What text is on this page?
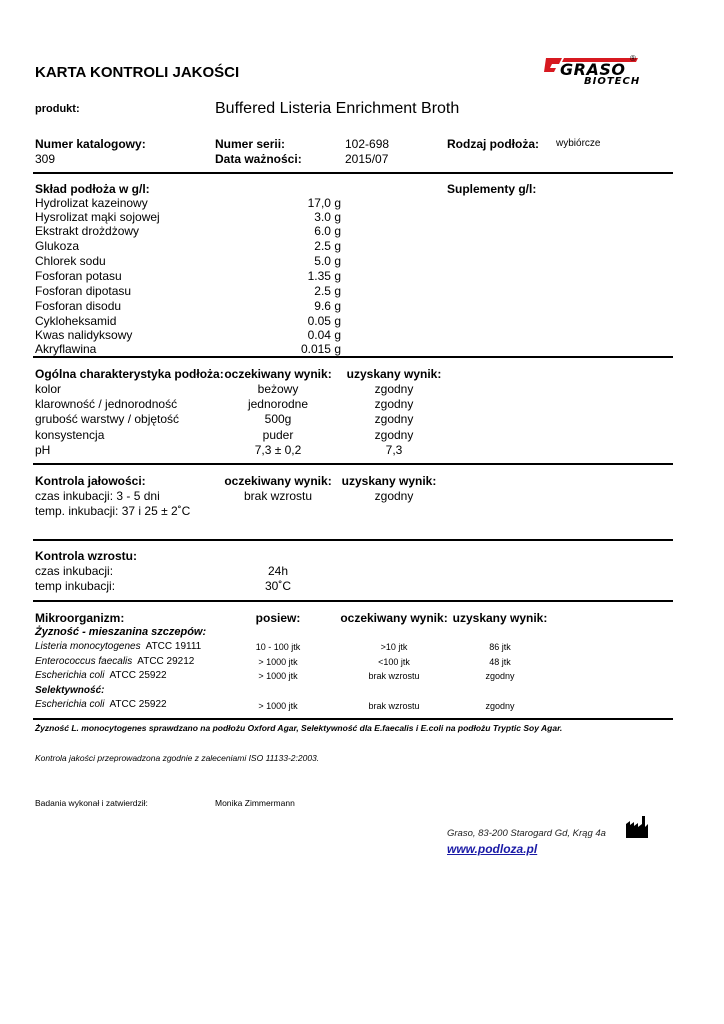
KARTA KONTROLI JAKOŚCI	GRASO
®
BIOTECH
produkt:	Buffered Listeria Enrichment Broth
Numer katalogowy:
309
Numer serii:
Data ważności:
102-698
2015/07
Rodzaj podłoża: wybiórcze
Skład podłoża w g/l:	Suplementy g/l:
Hydrolizat kazeinowy	17,0 g
Hysrolizat mąki sojowej	3.0 g
Ekstrakt drożdżowy	6.0 g
Glukoza	2.5 g
Chlorek sodu	5.0 g
Fosforan potasu	1.35 g
Fosforan dipotasu	2.5 g
Fosforan disodu	9.6 g
Cykloheksamid	0.05 g
Kwas nalidyksowy	0.04 g
Akryflawina	0.015 g
Ogólna charakterystyka podłoża: oczekiwany wynik: uzyskany wynik:
kolor	beżowy	zgodny
klarowność / jednorodność	jednorodne	zgodny
grubość warstwy / objętość	500g	zgodny
konsystencja	puder	zgodny
pH	7,3 ± 0,2	7,3
Kontrola jałowości:	oczekiwany wynik: uzyskany wynik:
czas inkubacji: 3 - 5 dni	brak wzrostu	zgodny
temp. inkubacji: 37 i 25 ± 2˚C
Kontrola wzrostu:
czas inkubacji:	24h
temp inkubacji:	30˚C
Mikroorganizm:	posiew:	oczekiwany wynik: uzyskany wynik:
Żyzność - mieszanina szczepów:
Listeria monocytogenes ATCC 19111	10 - 100 jtk	>10 jtk	86 jtk
Enterococcus faecalis ATCC 29212	> 1000 jtk	<100 jtk	48 jtk
Escherichia coli ATCC 25922	> 1000 jtk	brak wzrostu	zgodny
Selektywność:
Escherichia coli ATCC 25922	> 1000 jtk	brak wzrostu	zgodny
Żyzność L. monocytogenes sprawdzano na podłożu Oxford Agar, Selektywność dla E.faecalis i E.coli na podłożu Tryptic Soy Agar.
Kontrola jakości przeprowadzona zgodnie z zaleceniami ISO 11133-2:2003.
Badania wykonał i zatwierdził:	Monika Zimmermann
Graso, 83-200 Starogard Gd, Krąg 4a
www.podloza.pl
